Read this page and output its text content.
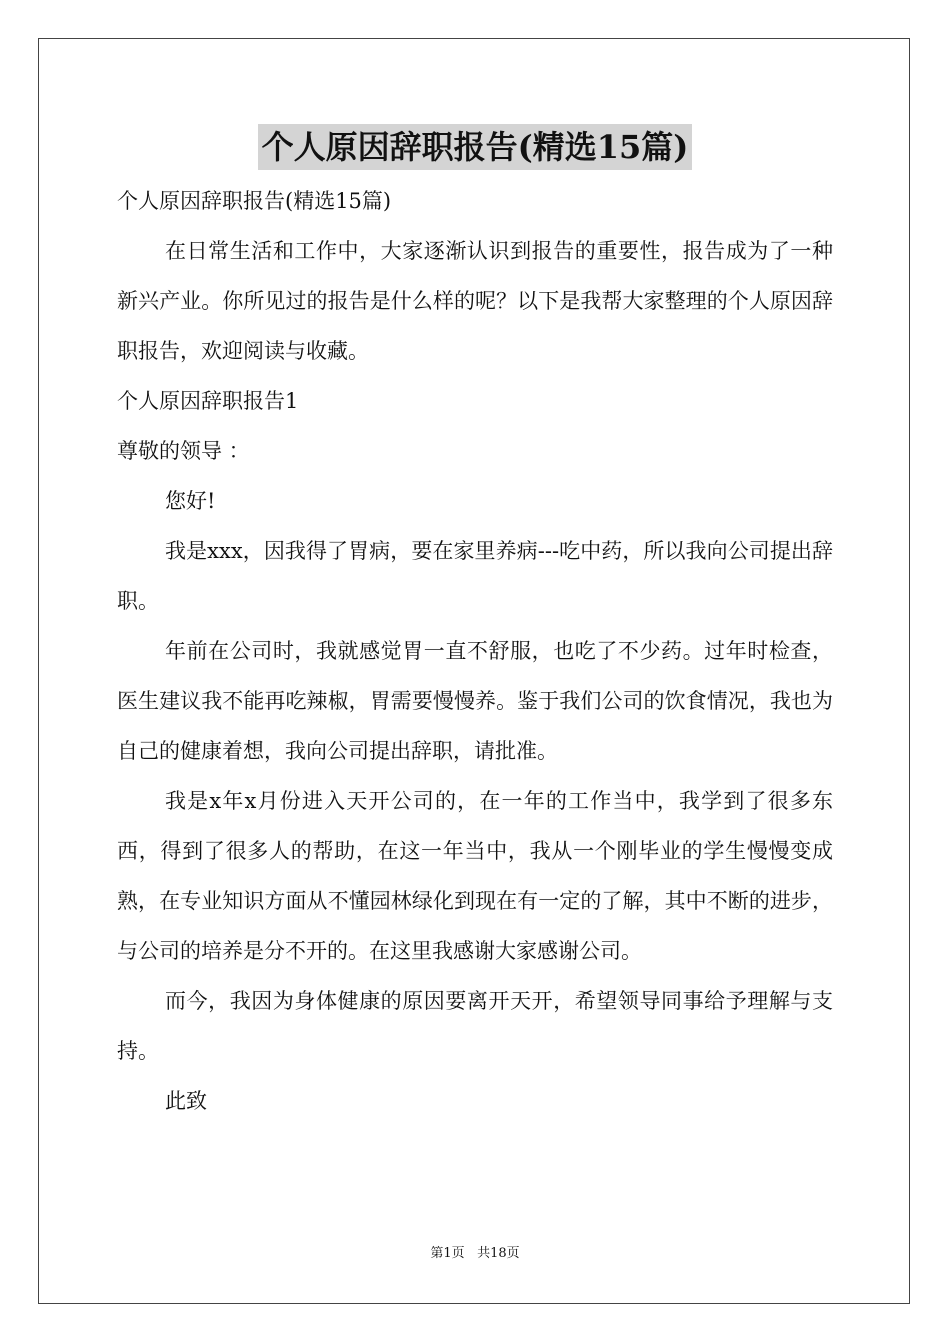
个人原因辞职报告(精选15篇)

个人原因辞职报告(精选15篇)

在日常生活和工作中，大家逐渐认识到报告的重要性，报告成为了一种新兴产业。你所见过的报告是什么样的呢？以下是我帮大家整理的个人原因辞职报告，欢迎阅读与收藏。

个人原因辞职报告1

尊敬的领导 ：

您好!

我是xxx，因我得了胃病，要在家里养病---吃中药，所以我向公司提出辞职。

年前在公司时，我就感觉胃一直不舒服，也吃了不少药。过年时检查，医生建议我不能再吃辣椒，胃需要慢慢养。鉴于我们公司的饮食情况，我也为自己的健康着想，我向公司提出辞职，请批准。

我是x年x月份进入天开公司的，在一年的工作当中，我学到了很多东西，得到了很多人的帮助，在这一年当中，我从一个刚毕业的学生慢慢变成熟，在专业知识方面从不懂园林绿化到现在有一定的了解，其中不断的进步，与公司的培养是分不开的。在这里我感谢大家感谢公司。

而今，我因为身体健康的原因要离开天开，希望领导同事给予理解与支持。

此致

第1页 共18页
